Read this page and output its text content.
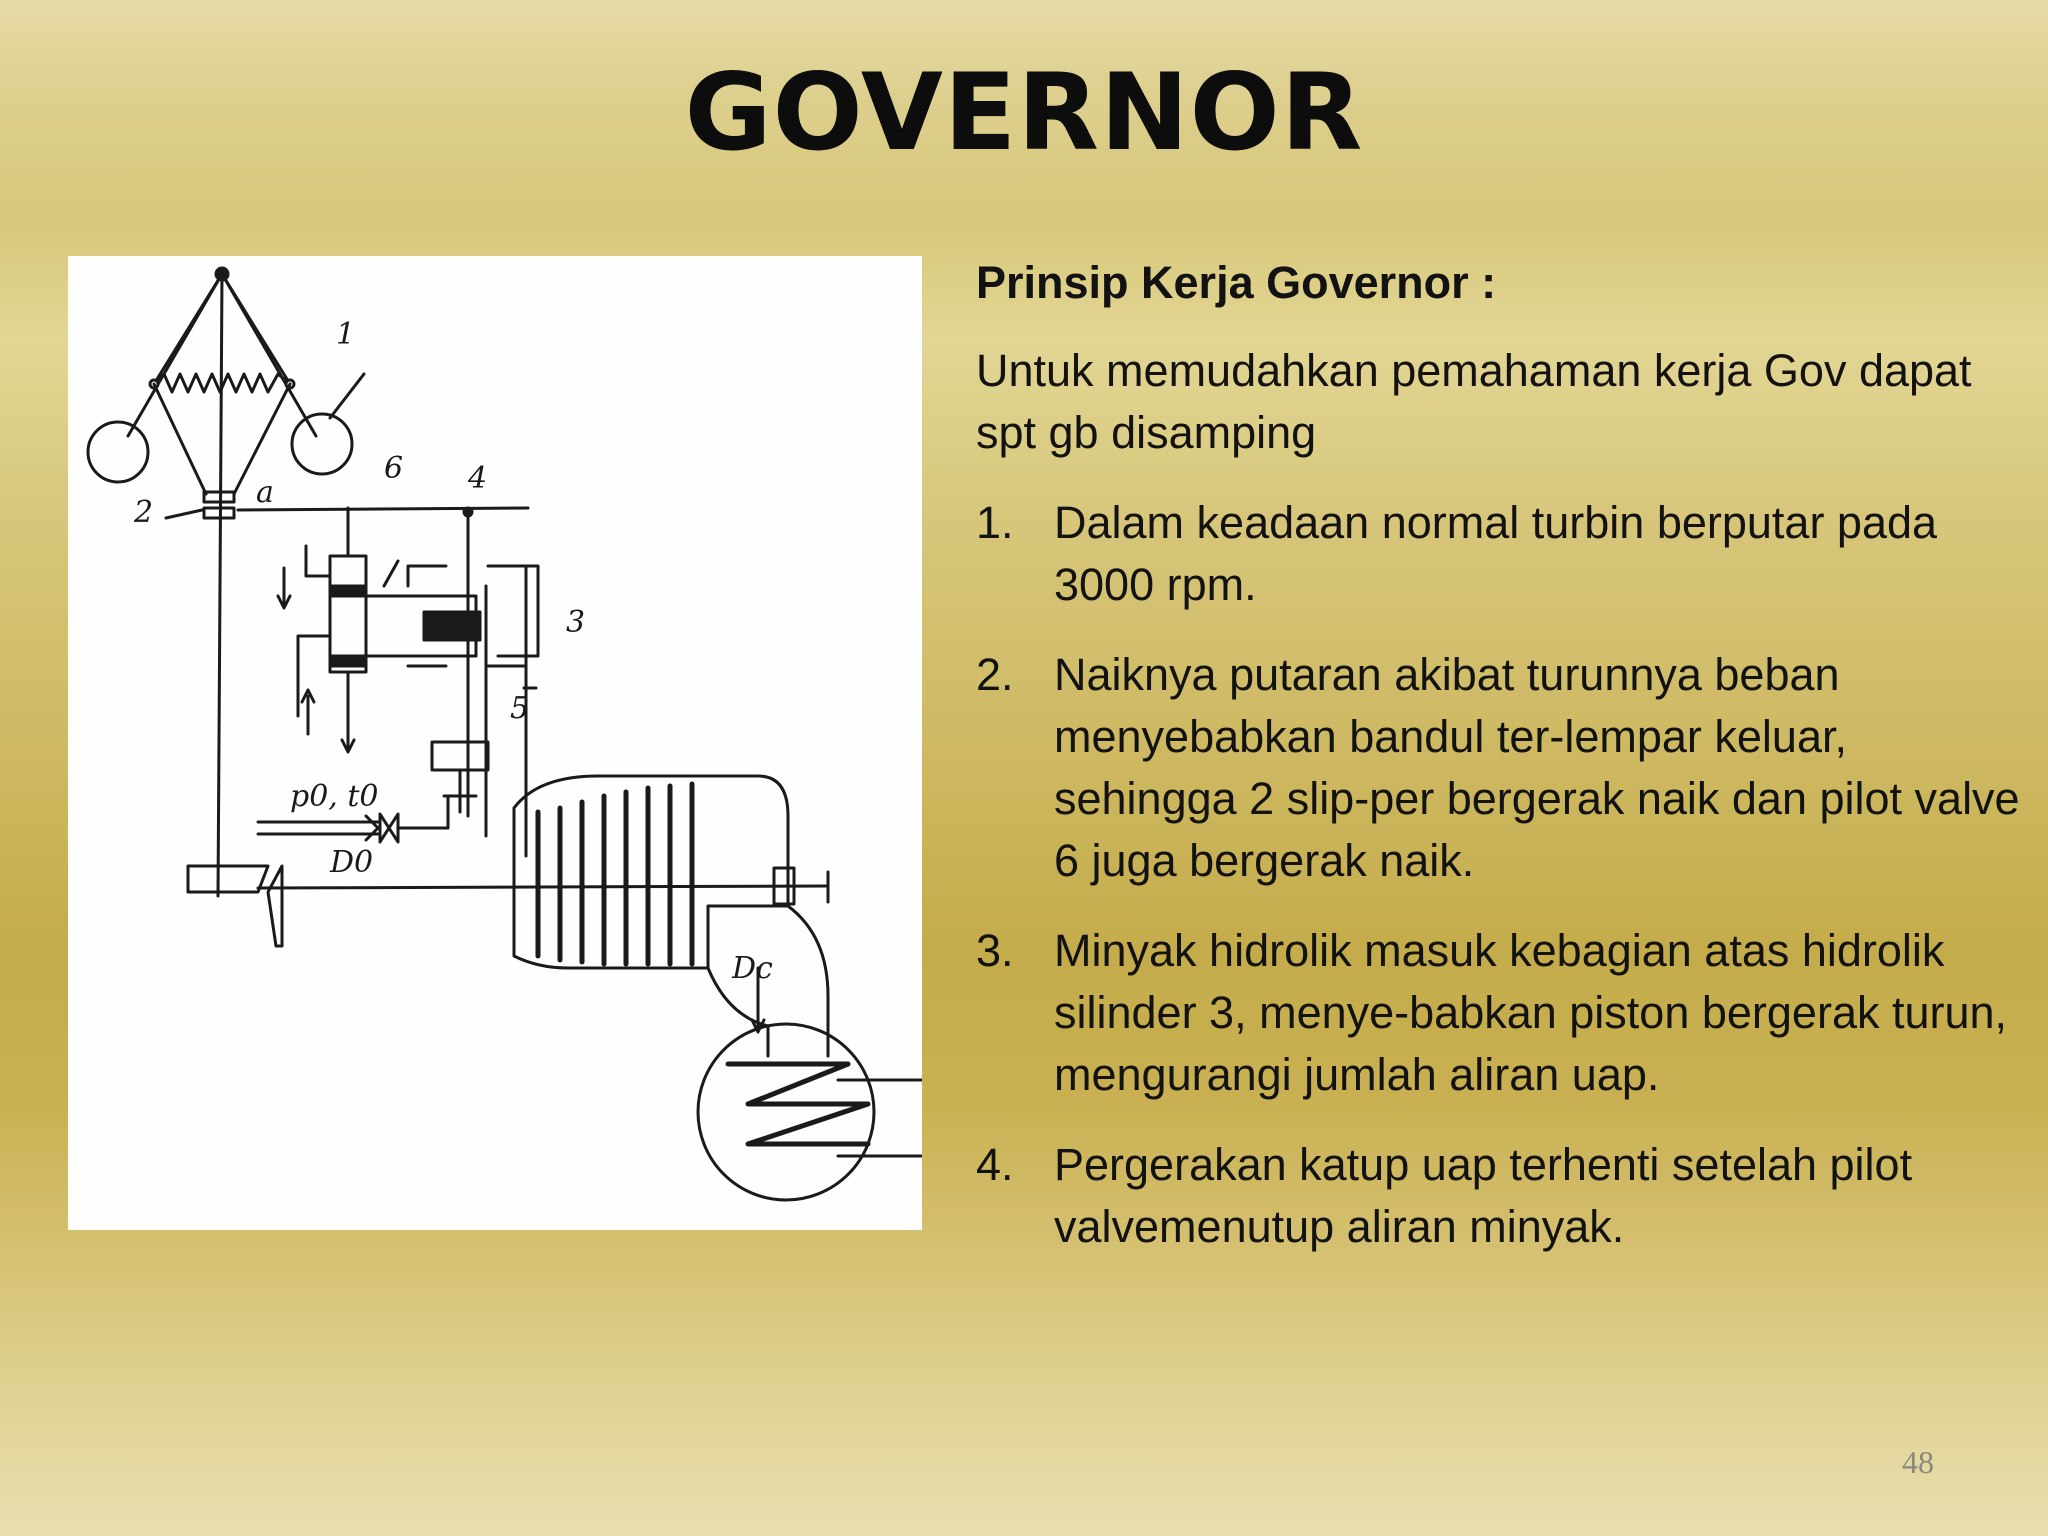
GOVERNOR
1
2
3
4
5
6
a
p0, t0
D0
Dc
Prinsip Kerja Governor :
Untuk memudahkan pemahaman kerja Gov dapat spt gb disamping
1. Dalam keadaan normal turbin berputar pada 3000 rpm.
2. Naiknya putaran akibat turunnya beban menyebabkan bandul ter-lempar keluar, sehingga 2 slip-per bergerak naik dan pilot valve 6 juga bergerak naik.
3. Minyak hidrolik masuk kebagian atas hidrolik silinder 3, menye-babkan piston bergerak turun, mengurangi jumlah aliran uap.
4. Pergerakan katup uap terhenti setelah pilot valvemenutup aliran minyak.
48
